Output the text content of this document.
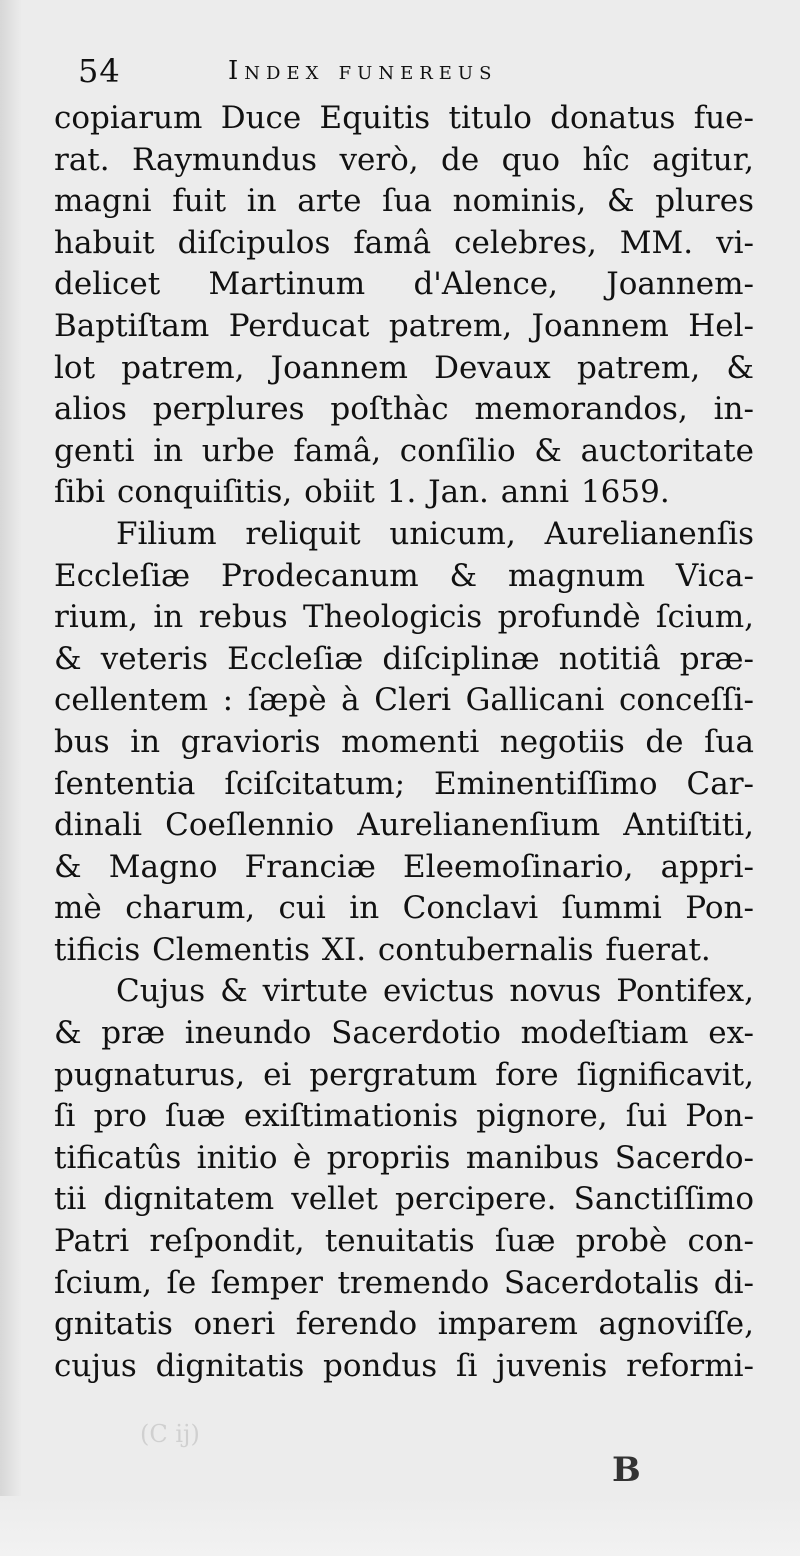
54	Index funereus
copiarum Duce Equitis titulo donatus fue-
rat. Raymundus verò, de quo hîc agitur,
magni fuit in arte ſua nominis, & plures
habuit diſcipulos famâ celebres, MM. vi-
delicet Martinum d'Alence, Joannem-
Baptiſtam Perducat patrem, Joannem Hel-
lot patrem, Joannem Devaux patrem, &
alios perplures poſthàc memorandos, in-
genti in urbe famâ, conſilio & auctoritate
ſibi conquiſitis, obiit 1. Jan. anni 1659.
Filium reliquit unicum, Aurelianenſis
Eccleſiæ Prodecanum & magnum Vica-
rium, in rebus Theologicis profundè ſcium,
& veteris Eccleſiæ diſciplinæ notitiâ præ-
cellentem : ſæpè à Cleri Gallicani conceſſi-
bus in gravioris momenti negotiis de ſua
ſententia ſciſcitatum; Eminentiſſimo Car-
dinali Coeſlennio Aurelianenſium Antiſtiti,
& Magno Franciæ Eleemoſinario, appri-
mè charum, cui in Conclavi ſummi Pon-
tificis Clementis XI. contubernalis fuerat.
Cujus & virtute evictus novus Pontifex,
& præ ineundo Sacerdotio modeſtiam ex-
pugnaturus, ei pergratum fore ſignificavit,
ſi pro ſuæ exiſtimationis pignore, ſui Pon-
tificatûs initio è propriis manibus Sacerdo-
tii dignitatem vellet percipere. Sanctiſſimo
Patri reſpondit, tenuitatis ſuæ probè con-
ſcium, ſe ſemper tremendo Sacerdotalis di-
gnitatis oneri ferendo imparem agnoviſſe,
cujus dignitatis pondus ſi juvenis reformi-
(C ij)
B
